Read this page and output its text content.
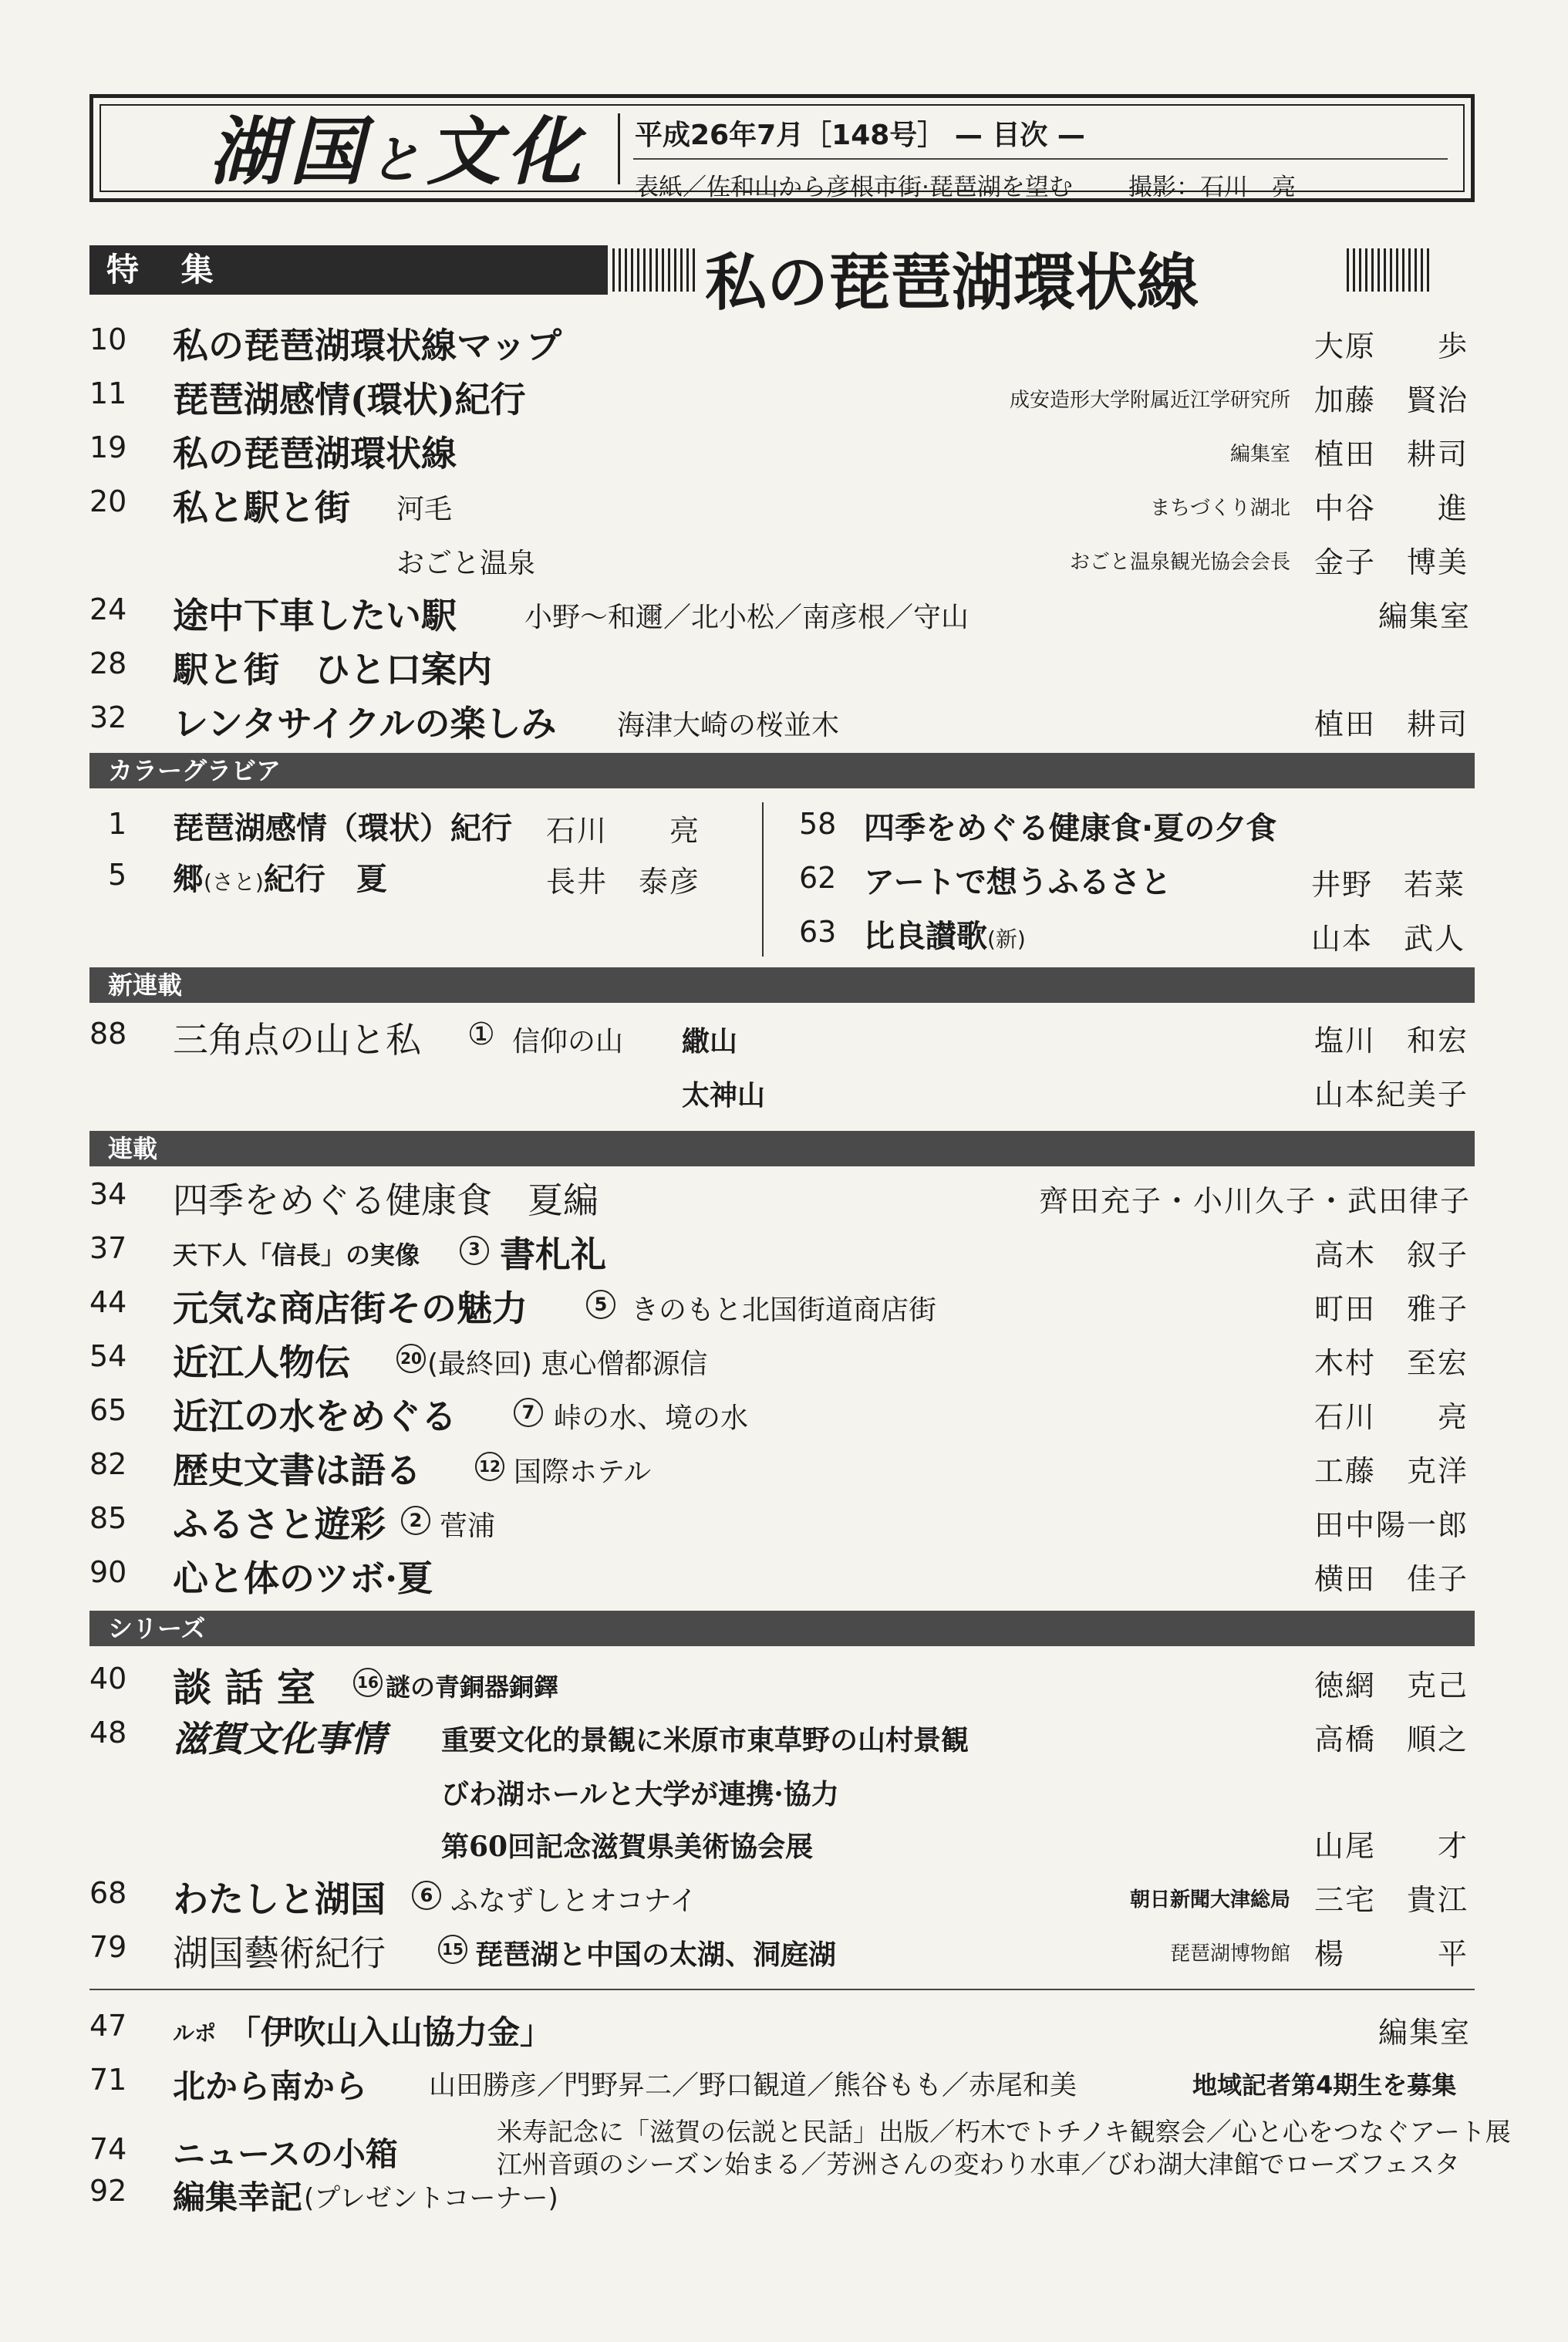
湖国と文化 平成26年7月［148号］ — 目次 —
表紙／佐和山から彦根市街·琵琶湖を望む 撮影：石川　亮
特 集	私の琵琶湖環状線
10 私の琵琶湖環状線マップ	大原　　歩
11 琵琶湖感情(環状)紀行	成安造形大学附属近江学研究所 加藤　賢治
19 私の琵琶湖環状線	編集室 植田　耕司
20 私と駅と街 河毛	まちづくり湖北 中谷　　進
おごと温泉	おごと温泉観光協会会長 金子　博美
24 途中下車したい駅 小野〜和邇／北小松／南彦根／守山	編集室
28 駅と街　ひと口案内
32 レンタサイクルの楽しみ 海津大崎の桜並木	植田　耕司
カラーグラビア
1 琵琶湖感情（環状）紀行 石川　　亮
5 郷(さと)紀行　夏	長井　泰彦
58 四季をめぐる健康食·夏の夕食
62 アートで想うふるさと	井野　若菜
63 比良讃歌(新)	山本　武人
新連載
88 三角点の山と私 ① 信仰の山 繖山	塩川　和宏
太神山	山本紀美子
連載
34 四季をめぐる健康食　夏編	齊田充子・小川久子・武田律子
37 天下人「信長」の実像	3 書札礼	高木　叙子
44 元気な商店街その魅力	5 きのもと北国街道商店街	町田　雅子
54 近江人物伝	20 (最終回) 恵心僧都源信	木村　至宏
65 近江の水をめぐる	7 峠の水、境の水	石川　　亮
82 歴史文書は語る	12 国際ホテル	工藤　克洋
85 ふるさと遊彩	2 菅浦	田中陽一郎
90 心と体のツボ·夏	横田　佳子
シリーズ
40 談 話 室	16 謎の青銅器銅鐸	徳網　克己
48 滋賀文化事情 重要文化的景観に米原市東草野の山村景観	高橋　順之
びわ湖ホールと大学が連携·協力
第60回記念滋賀県美術協会展	山尾　　才
68 わたしと湖国	6 ふなずしとオコナイ	朝日新聞大津総局 三宅　貴江
79 湖国藝術紀行	15 琵琶湖と中国の太湖、洞庭湖	琵琶湖博物館 楊　　　平
47 ルポ 「伊吹山入山協力金」	編集室
71 北から南から 山田勝彦／門野昇二／野口観道／熊谷もも／赤尾和美	地域記者第4期生を募集
74 ニュースの小箱
米寿記念に「滋賀の伝説と民話」出版／朽木でトチノキ観察会／心と心をつなぐアート展
江州音頭のシーズン始まる／芳洲さんの変わり水車／びわ湖大津館でローズフェスタ
92 編集幸記 (プレゼントコーナー)
